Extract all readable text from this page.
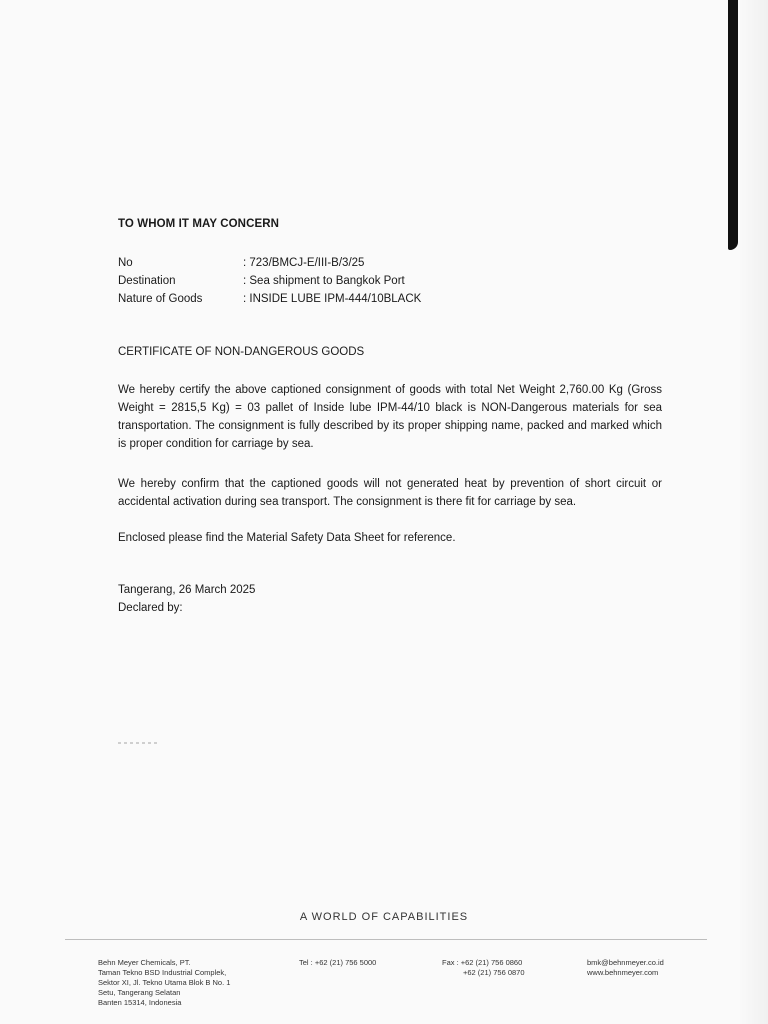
TO WHOM IT MAY CONCERN
No	: 723/BMCJ-E/III-B/3/25
Destination	: Sea shipment to Bangkok Port
Nature of Goods	: INSIDE LUBE IPM-444/10BLACK
CERTIFICATE OF NON-DANGEROUS GOODS
We hereby certify the above captioned consignment of goods with total Net Weight 2,760.00 Kg (Gross Weight = 2815,5 Kg) = 03 pallet of Inside lube IPM-44/10 black is NON-Dangerous materials for sea transportation. The consignment is fully described by its proper shipping name, packed and marked which is proper condition for carriage by sea.
We hereby confirm that the captioned goods will not generated heat by prevention of short circuit or accidental activation during sea transport. The consignment is there fit for carriage by sea.
Enclosed please find the Material Safety Data Sheet for reference.
Tangerang, 26 March 2025
Declared by:
A WORLD OF CAPABILITIES
Behn Meyer Chemicals, PT.
Taman Tekno BSD Industrial Complek,
Sektor XI, Jl. Tekno Utama Blok B No. 1
Setu, Tangerang Selatan
Banten 15314, Indonesia
Tel : +62 (21) 756 5000	Fax : +62 (21) 756 0860
+62 (21) 756 0870
bmk@behnmeyer.co.id
www.behnmeyer.com
